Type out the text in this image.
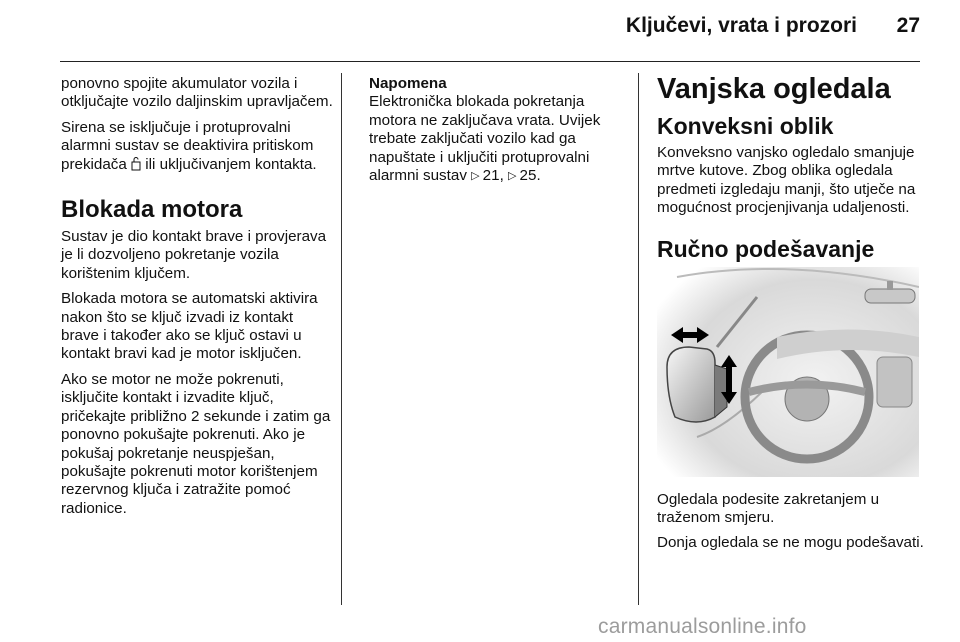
Ključevi, vrata i prozori 27

ponovno spojite akumulator vozila i otključajte vozilo daljinskim upravljačem.

Sirena se isključuje i protuprovalni alarmni sustav se deaktivira pritiskom prekidača  ili uključivanjem kontakta.

Blokada motora

Sustav je dio kontakt brave i provjerava je li dozvoljeno pokretanje vozila korištenim ključem.

Blokada motora se automatski aktivira nakon što se ključ izvadi iz kontakt brave i također ako se ključ ostavi u kontakt bravi kad je motor isključen.

Ako se motor ne može pokrenuti, isključite kontakt i izvadite ključ, pričekajte približno 2 sekunde i zatim ga ponovno pokušajte pokrenuti. Ako je pokušaj pokretanje neuspješan, pokušajte pokrenuti motor korištenjem rezervnog ključa i zatražite pomoć radionice.

Napomena
Elektronička blokada pokretanja motora ne zaključava vrata. Uvijek trebate zaključati vozilo kad ga napuštate i uključiti protuprovalni alarmni sustav ▷  21, ▷  25.
Vanjska ogledala
Konveksni oblik

Konveksno vanjsko ogledalo smanjuje mrtve kutove. Zbog oblika ogledala predmeti izgledaju manji, što utječe na mogućnost procjenjivanja udaljenosti.

Ručno podešavanje

Ogledala podesite zakretanjem u traženom smjeru.

Donja ogledala se ne mogu podešavati.

carmanualsonline.info
